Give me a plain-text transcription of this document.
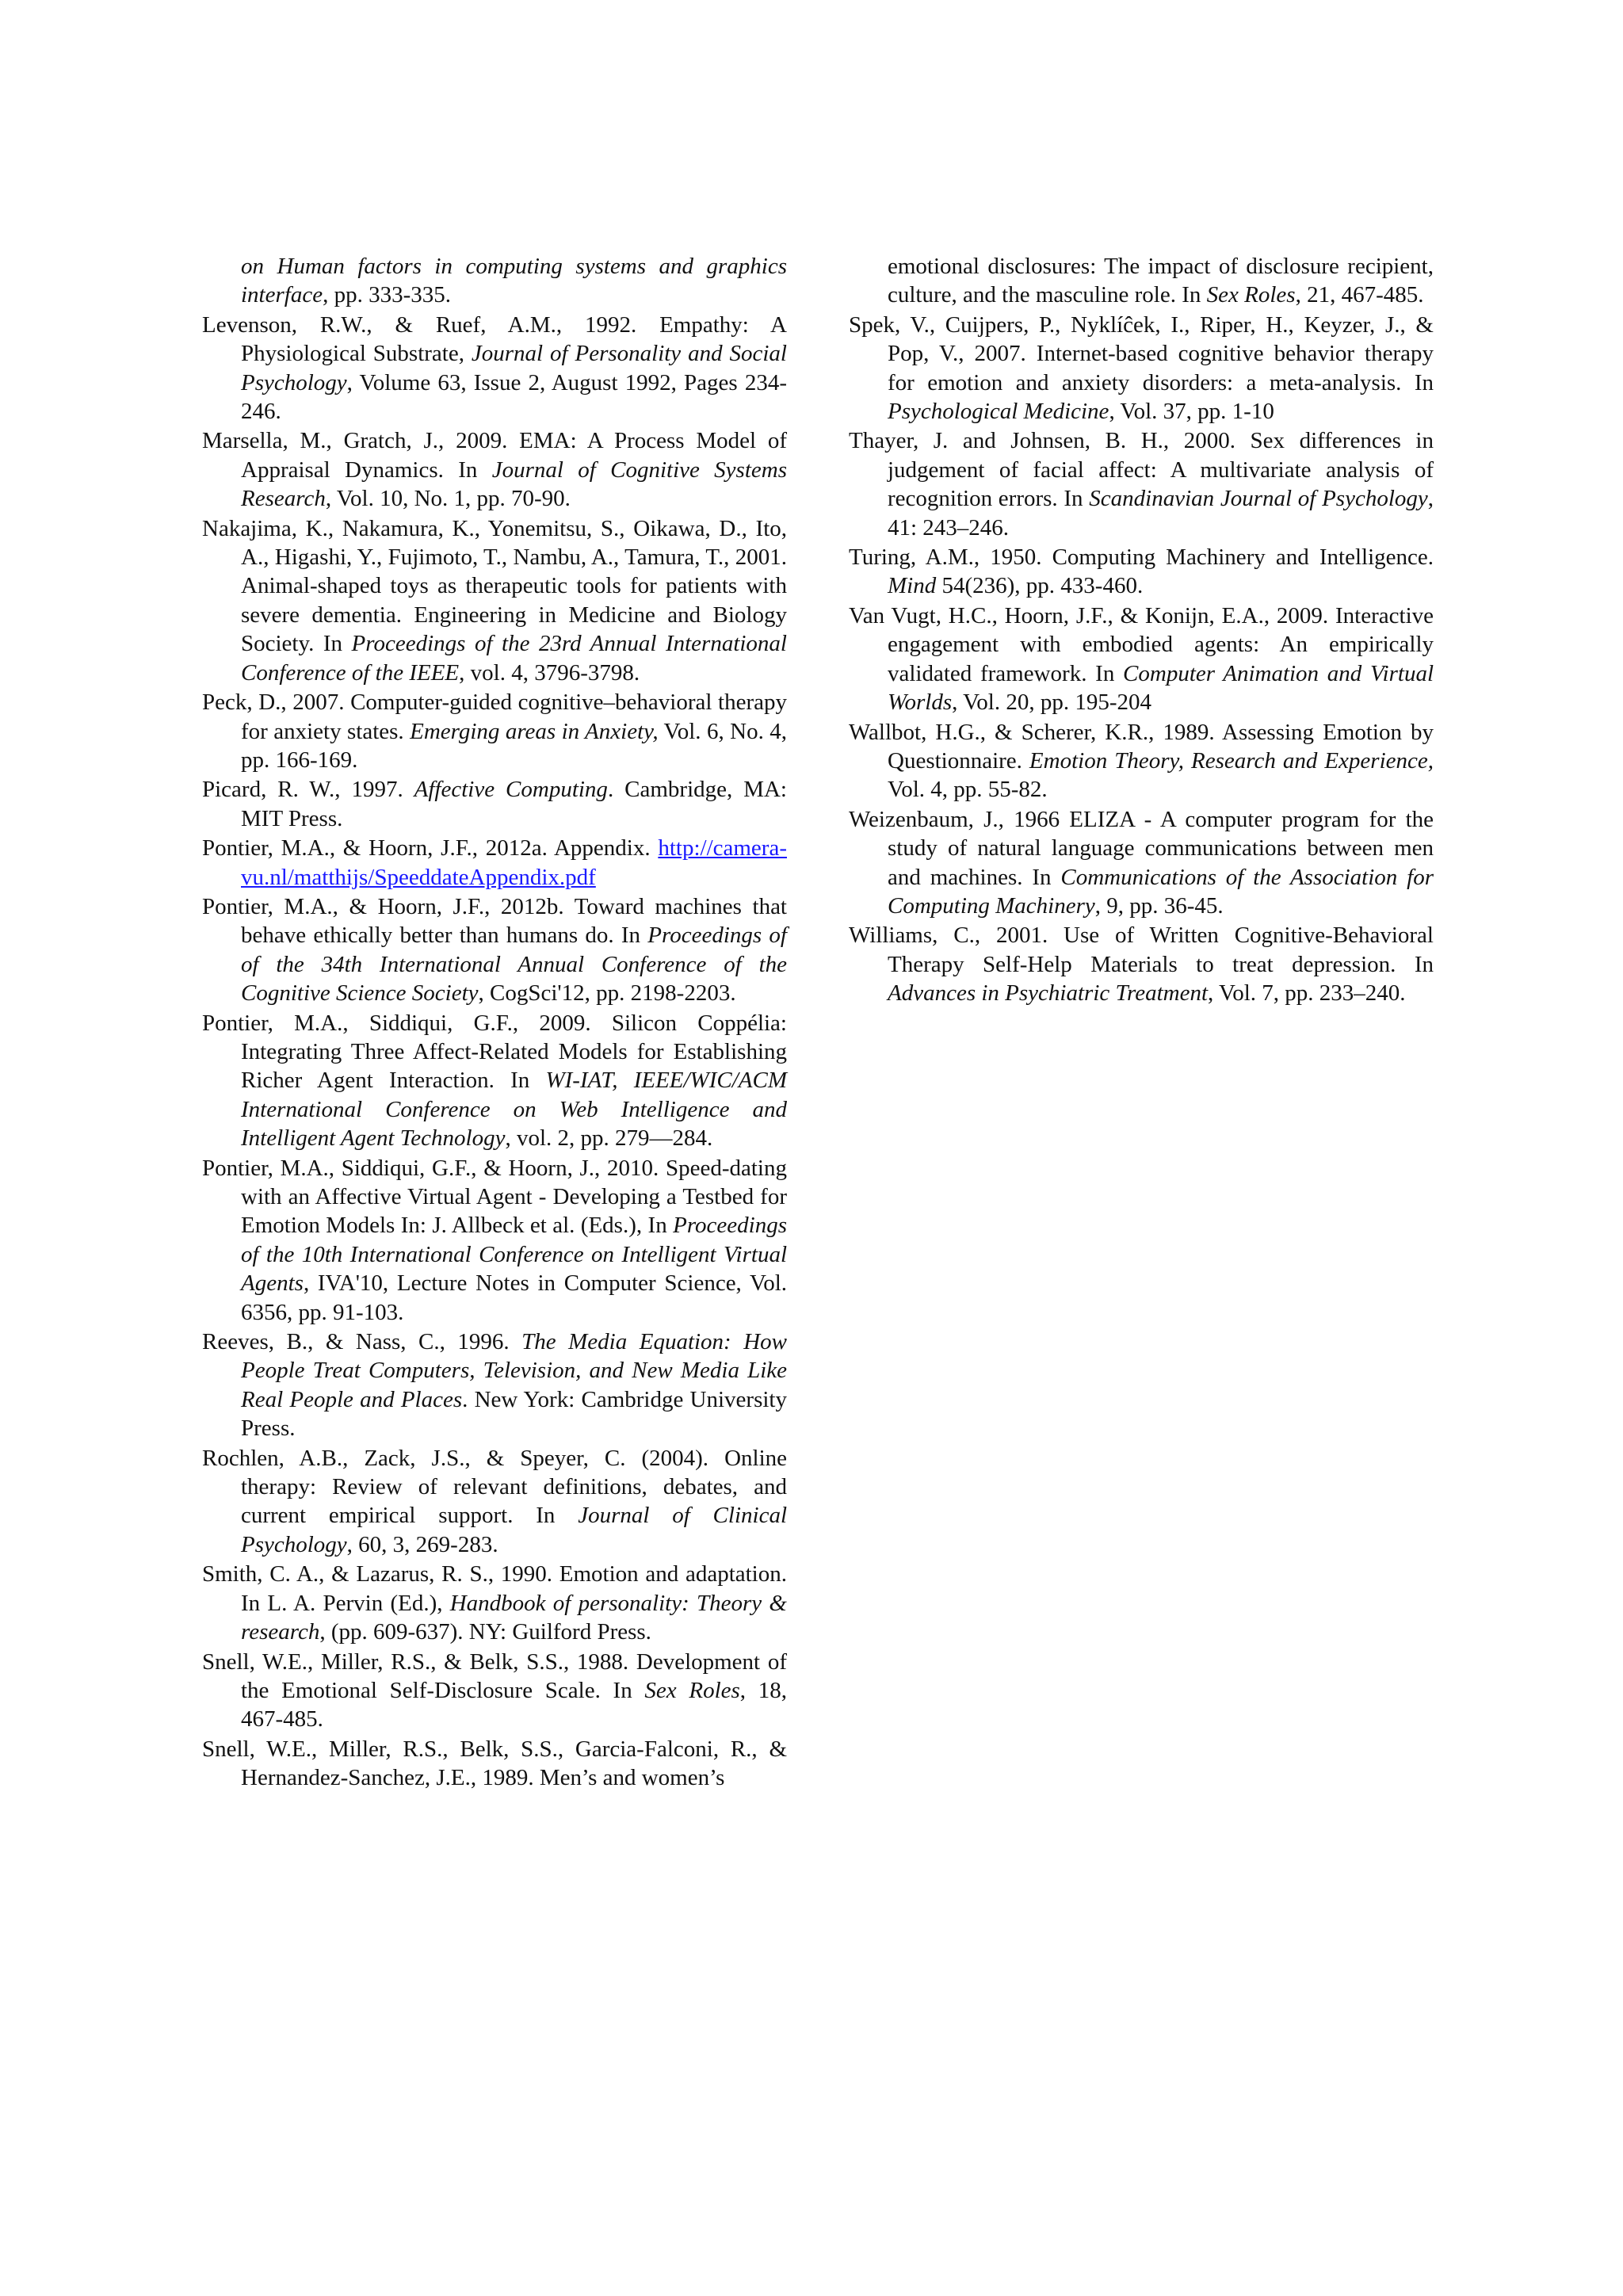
on Human factors in computing systems and graphics interface, pp. 333-335.

Levenson, R.W., & Ruef, A.M., 1992. Empathy: A Physiological Substrate, Journal of Personality and Social Psychology, Volume 63, Issue 2, August 1992, Pages 234-246.

Marsella, M., Gratch, J., 2009. EMA: A Process Model of Appraisal Dynamics. In Journal of Cognitive Systems Research, Vol. 10, No. 1, pp. 70-90.

Nakajima, K., Nakamura, K., Yonemitsu, S., Oikawa, D., Ito, A., Higashi, Y., Fujimoto, T., Nambu, A., Tamura, T., 2001. Animal-shaped toys as therapeutic tools for patients with severe dementia. Engineering in Medicine and Biology Society. In Proceedings of the 23rd Annual International Conference of the IEEE, vol. 4, 3796-3798.

Peck, D., 2007. Computer-guided cognitive–behavioral therapy for anxiety states. Emerging areas in Anxiety, Vol. 6, No. 4, pp. 166-169.

Picard, R. W., 1997. Affective Computing. Cambridge, MA: MIT Press.

Pontier, M.A., & Hoorn, J.F., 2012a. Appendix. http://camera-vu.nl/matthijs/SpeeddateAppendix.pdf

Pontier, M.A., & Hoorn, J.F., 2012b. Toward machines that behave ethically better than humans do. In Proceedings of of the 34th International Annual Conference of the Cognitive Science Society, CogSci'12, pp. 2198-2203.

Pontier, M.A., Siddiqui, G.F., 2009. Silicon Coppélia: Integrating Three Affect-Related Models for Establishing Richer Agent Interaction. In WI-IAT, IEEE/WIC/ACM International Conference on Web Intelligence and Intelligent Agent Technology, vol. 2, pp. 279—284.

Pontier, M.A., Siddiqui, G.F., & Hoorn, J., 2010. Speed-dating with an Affective Virtual Agent - Developing a Testbed for Emotion Models In: J. Allbeck et al. (Eds.), In Proceedings of the 10th International Conference on Intelligent Virtual Agents, IVA'10, Lecture Notes in Computer Science, Vol. 6356, pp. 91-103.

Reeves, B., & Nass, C., 1996. The Media Equation: How People Treat Computers, Television, and New Media Like Real People and Places. New York: Cambridge University Press.

Rochlen, A.B., Zack, J.S., & Speyer, C. (2004). Online therapy: Review of relevant definitions, debates, and current empirical support. In Journal of Clinical Psychology, 60, 3, 269-283.

Smith, C. A., & Lazarus, R. S., 1990. Emotion and adaptation. In L. A. Pervin (Ed.), Handbook of personality: Theory & research, (pp. 609-637). NY: Guilford Press.

Snell, W.E., Miller, R.S., & Belk, S.S., 1988. Development of the Emotional Self-Disclosure Scale. In Sex Roles, 18, 467-485.

Snell, W.E., Miller, R.S., Belk, S.S., Garcia-Falconi, R., & Hernandez-Sanchez, J.E., 1989. Men’s and women’s

emotional disclosures: The impact of disclosure recipient, culture, and the masculine role. In Sex Roles, 21, 467-485.

Spek, V., Cuijpers, P., Nyklíĉek, I., Riper, H., Keyzer, J., & Pop, V., 2007. Internet-based cognitive behavior therapy for emotion and anxiety disorders: a meta-analysis. In Psychological Medicine, Vol. 37, pp. 1-10

Thayer, J. and Johnsen, B. H., 2000. Sex differences in judgement of facial affect: A multivariate analysis of recognition errors. In Scandinavian Journal of Psychology, 41: 243–246.

Turing, A.M., 1950. Computing Machinery and Intelligence. Mind 54(236), pp. 433-460.

Van Vugt, H.C., Hoorn, J.F., & Konijn, E.A., 2009. Interactive engagement with embodied agents: An empirically validated framework. In Computer Animation and Virtual Worlds, Vol. 20, pp. 195-204

Wallbot, H.G., & Scherer, K.R., 1989. Assessing Emotion by Questionnaire. Emotion Theory, Research and Experience, Vol. 4, pp. 55-82.

Weizenbaum, J., 1966 ELIZA - A computer program for the study of natural language communications between men and machines. In Communications of the Association for Computing Machinery, 9, pp. 36-45.

Williams, C., 2001. Use of Written Cognitive-Behavioral Therapy Self-Help Materials to treat depression. In Advances in Psychiatric Treatment, Vol. 7, pp. 233–240.
